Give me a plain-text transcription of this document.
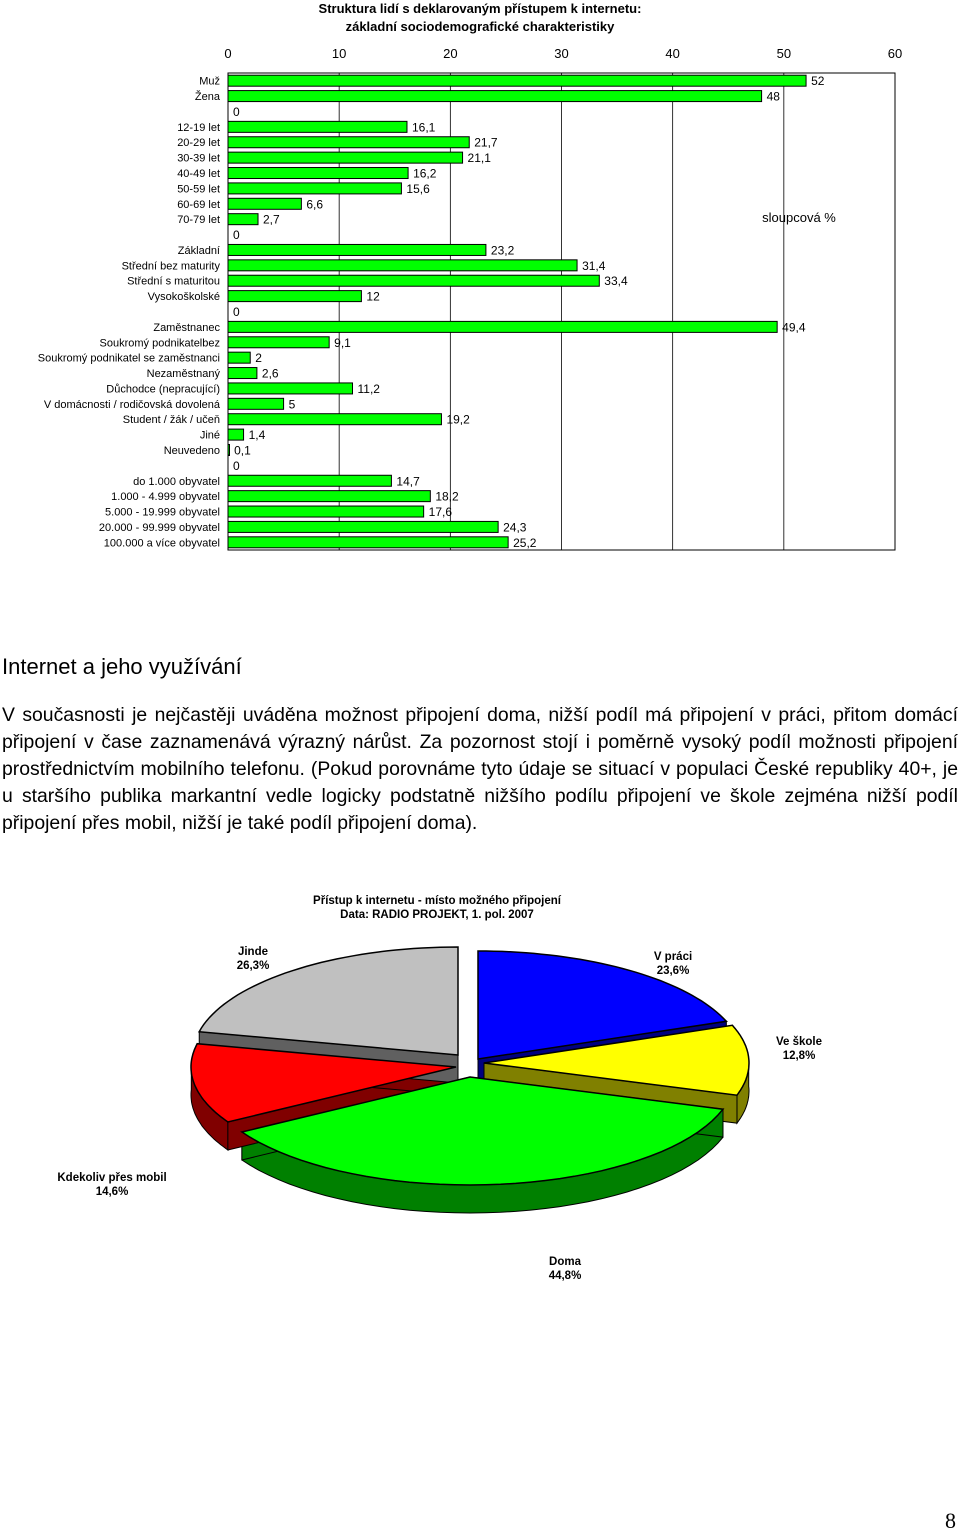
Struktura lidí s deklarovaným přístupem k internetu:
základní sociodemografické charakteristiky
0	10	20	30	40	50	60
Muž
Žena
12-19 let
20-29 let
30-39 let
40-49 let
50-59 let
60-69 let
70-79 let
Základní
Střední bez maturity
Střední s maturitou
Vysokoškolské
Zaměstnanec
Soukromý podnikatelbez
Soukromý podnikatel se zaměstnanci
Nezaměstnaný
Důchodce (nepracující)
V domácnosti / rodičovská dovolená
Student / žák / učeň
Jiné
Neuvedeno
do 1.000 obyvatel
1.000 - 4.999 obyvatel
5.000 - 19.999 obyvatel
20.000 - 99.999 obyvatel
100.000 a více obyvatel
52
48
0
16,1
21,7
21,1
16,2
15,6
6,6
2,7
0
23,2
31,4
33,4
12
0
49,4
9,1
2
2,6
11,2
5
19,2
1,4
0,1
0
14,7
18,2
17,6
24,3
25,2
sloupcová %
Internet a jeho využívání

V současnosti je nejčastěji uváděna možnost připojení doma, nižší podíl má připojení v práci, přitom domácí připojení v čase zaznamenává výrazný nárůst. Za pozornost stojí i poměrně vysoký podíl možnosti připojení prostřednictvím mobilního telefonu. (Pokud porovnáme tyto údaje se situací v populaci České republiky 40+, je u staršího publika markantní vedle logicky podstatně nižšího podílu připojení ve škole zejména nižší podíl připojení přes mobil, nižší je také podíl připojení doma).

Přístup k internetu - místo možného připojení
Data: RADIO PROJEKT, 1. pol. 2007
V práci
23,6%
Ve škole
12,8%
Doma
44,8%
Kdekoliv přes mobil
14,6%
Jinde
26,3%
8
